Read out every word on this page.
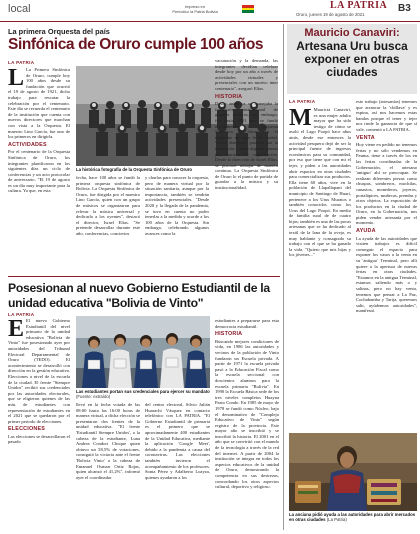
local	Impreso en
Periódico la Patria Bolivia
LA PATRIA
Oruro, jueves 19 de agosto de 2021
B3
La primera Orquesta del país
Sinfónica de Oruro cumple 100 años
LA PATRIA
L La Primera Sinfónica de Oruro, cumple hoy 100 años desde su fundación que ocurrió el 19 de agosto de 1921, dicho trabajo para rescatar la celebración por el centenario. Este día se recuerda el centenario de la institución que cuenta con nuevos directores que marchan con vista a la Orquesta. El maestro Lino García, fue uno de los primeros en dirigirla.
ACTIVIDADES
Por el centenario de la Orquesta Sinfónica de Oruro, los integrantes planificaron en los siguientes días un ciclo de conferencias y un acto protocolar de aniversario. "El 19 de agosto es un día muy importante para la cultura. Ya que, en esta
La histórica fotografía de la Orquesta Sinfónica de Oruro
fecha, hace 100 años se fundó la primera orquesta sinfónica de Bolivia. La Orquesta Sinfónica de Oruro, fue dirigida por el maestro Lino García, quien con un grupo de músicos se organizaron para relevar la música universal y dedicarla a los oyentes", destacó el director, Israel Elías. "Se pretende desarrollar durante este año, conferencias, conciertos
y charlas para conocer la orquesta, pero de manera virtual por la situación sanitaria, aunque por la importancia, también se tendrán actividades presenciales. "Desde 2020 y la llegada de la pandemia, se tuvo en cuenta no poder tenerlas a la medida y acorde a los 100 años de la Orquesta. Sin embargo, celebrando algunos avances como la
vacunación y la demanda, las integrantes decidían celebrar desde hoy por un año a través de actividades virtuales y presenciales con un motivo inter centenario", aseguró Elías.
HISTORIA
Desde antes ya se manejaba la formación institucional de grandes músicos, sin embargo, fue hasta 1921 que se fundó oficialmente la Orquesta Sinfónica de Oruro, en el momento de auge de la ciudad. Varios directores pasaron por la institución y hubo algunas pausas por motivos de organización. Desde la dirección de Israel Elías, se procuró trabajar de manera continua. La Orquesta Sinfónica de Oruro lo el punto de partida de guardar a la música y su institucionalidad.
Mauricio Canaviri:
Artesana Uru busca exponer en otras ciudades
LA PATRIA
M Mauricia Canaviri, es una mujer adulto mayor que ha sido testigo de cómo se asoló el Lago Poopó hace años atrás, desde ese entonces la actividad pesquera dejó de ser la principal fuente de ingresos económicos para su comunidad, por eso que tiene que con mi el tejer, y piden a las autoridades abrir espacios en otras ciudades para comercializar sus productos. Ella tiene 60 años, vive en la población de Llapallapani del municipio de Santiago de Huari, pertenece a los Urus Muratos o también conocidos como los Urus del Lago Poopó. En medio de familia rural de de cuatro hijas; también es una de las pocas artesanas que se ha dedicado al textil de la lana de la oveja, es muy hablante y consagrado su trabajo con el que se ha ganado la vida. "Quiero que mis hijas y los jóvenes..."
este trabajo (artesanías) tenemos que arrancar la 'chillava' y es espina, así nos hacemos estas bandas porque el tener y tejer nos rinde la ganancia de que sí vale, comentó a LA PATRIA.
VENTA
Hoy viene en pedido no tenemos ferias y no sólo vendemos en Pauma, tiene a través de los en las ferias coordinadas de la Gobernación, el artesano 'antiguo' ahí se preocupan. Se realizan diferentes piezas como chuspas, sombreros, mochilas, canastos, monederos, joyeros, portalápices, muñecas, prendas y otros objetos. La exposición de los productos en la ciudad de Oruro, en la Gobernación, nos piden vender artesanía por el momento.
AYUDA
La ayuda de las autoridades que visiten trabajos es difícil conseguir el espacio para exponer los vasos a la venta en su 'antiguo' Terminal, pero alli quiere a la apertura de nuevas ferias en otras ciudades. "Estamos en la antigua Terminal, estamos saliendo más o y salinas, pero no hay venta, tenemos que pensar a La Paz, Cochabamba y Tarija, queremos salir, ayúdennos autoridades", manifestó.
La anciana pidió ayuda a las autoridades para abrir mercados en otras ciudades (La Patria)
Posesionan al nuevo Gobierno Estudiantil de la unidad educativa "Bolivia de Vinto"
LA PATRIA
E El nuevo Gobierno Estudiantil del nivel primario de la unidad educativa "Bolivia de Vinto" fue posesionado ayer por autoridades del Tribunal Electoral Departamental de Oruro (TEDO). El acontecimiento se desarrolló con dirección en la gestión educativa. Elecciones a nivel de la escuela de la ciudad. El frente "Siempre Unidos" recibió sus credenciales por las autoridades electorales, que se eligieron quienes de las más de estudiantes con representación de estudiantes en el 2021 que se quedaron por el primer periodo de elecciones.
ELECCIONES
Las elecciones se desarrollaron el pasado
Las estudiantes portan sus credenciales para ejercer su mandato (Fuente: extraído)
llevó en la fecha votada de las 08:00 hasta las 16:00 horas de manera virtual, a dicha elección se presentaron dos frentes de la unidad educativa. "El frente 'Estudiantil Siempre Unidos', a la cabeza de la estudiante, Luna Andrea Condori Choque quien obtuvo un 58,5% de votaciones, consiguió la victoria ante el frente 'Bolivia Vinto' a la cabeza de Emanuel Osman Ortiz Rojas, quien alcanzó el 41,2%", informó ayer el coordinador
del centro electoral, Silvio Julián Huarachi Vásquez en contacto telefónico con LA PATRIA. "El Gobierno Estudiantil de primaria es el primero que se aproximadamente 400 estudiantes de la Unidad Educativa, mediante la aplicación 'Google Meet', debido a la pandemia a causa del coronavirus. Las elecciones también tuvieron el acompañamiento de los profesores. Sonia Pérez y Adalberto Loayza, quienes ayudaron a los
estudiantes a prepararse para esta democracia estudiantil.
HISTORIA
Buscando mejores condiciones de vida, en 1986 las autoridades y vecinos de la población de Vinto fundaron un Escuela privada. A partir de 1971 la escuela privada pasó a la Educación Fiscal como la escuela seccional con doscientos alumnos para la escuela primaria "Bolivia". En 1990 la Escuela Básica sede de los tres niveles completos Huayna Pasto Condo. En 1985 de mayo de 1978 se fundó como Núcleo, bajo el denominativo de "Complejo Educativo de Vinto" según registro de la provincia. Este mayor año se inscribió y se inscribió la historia. El 2001 en el año que se convirtió con el mundo de la tecnología a través de la red del internet. A partir de 2004 la institución se integra en todos los aspectos educativos de la unidad de Oruro, demostrando la competencia en sus destrezas, concordando los otros aspectos cultural, deportivo y religioso.
